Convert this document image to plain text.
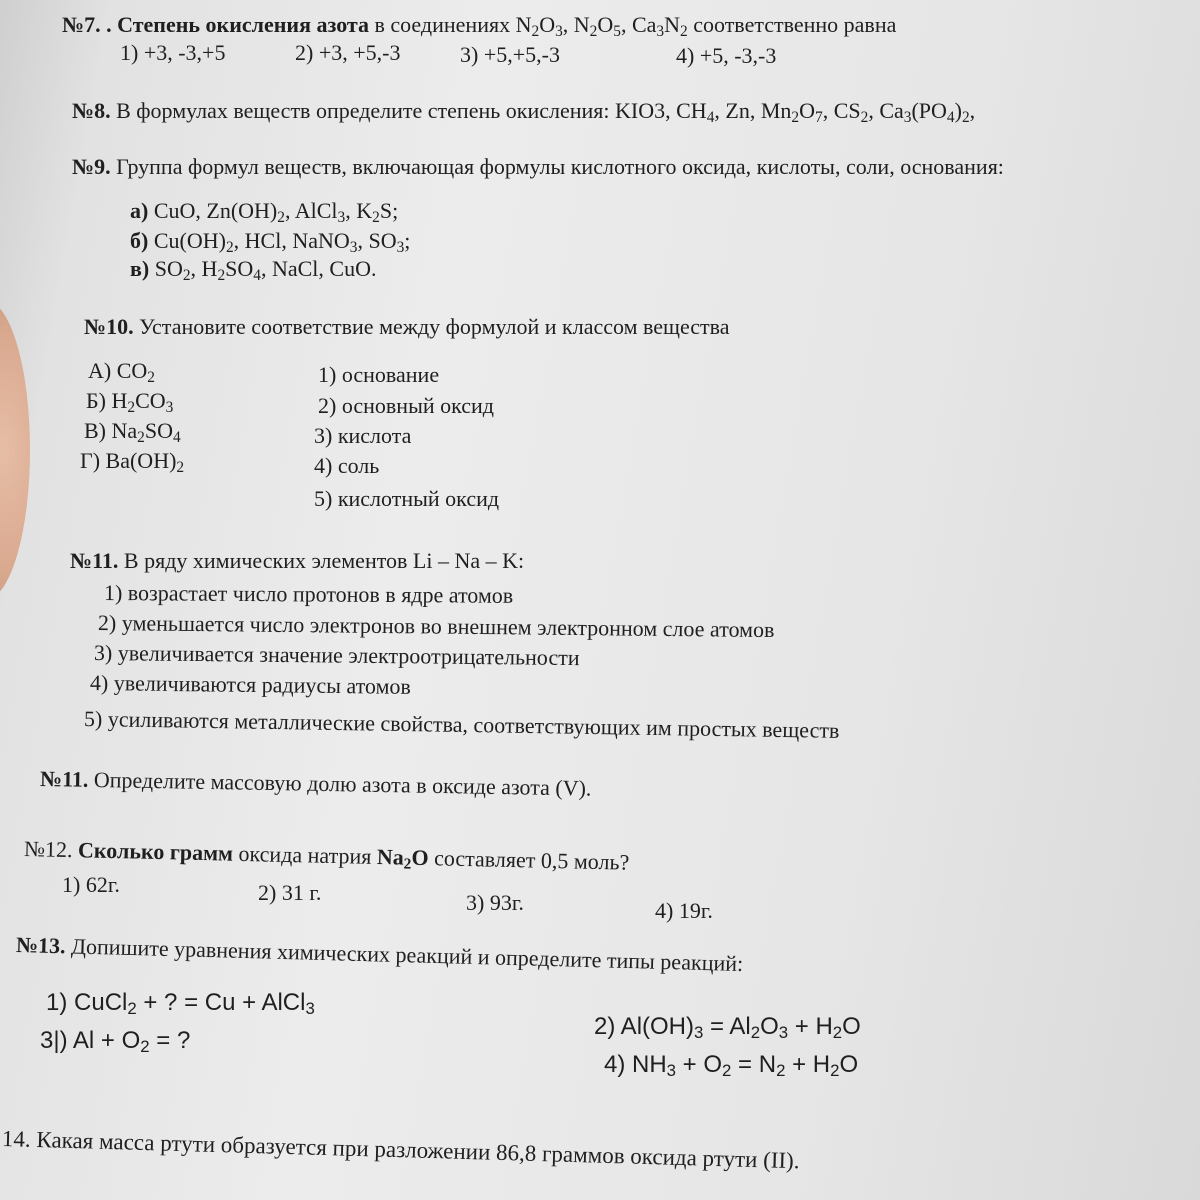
№7. . Степень окисления азота в соединениях $N_2O_3$, $N_2O_5$, $Ca_3N_2$ соответственно равна
1) +3, -3,+5	2) +3, +5,-3	3) +5,+5,-3	4) +5, -3,-3
№8. В формулах веществ определите степень окисления: KIO3, $CH_4$, Zn, $Mn_2O_7$, $CS_2$, $Ca_3(PO_4)_2$,
№9. Группа формул веществ, включающая формулы кислотного оксида, кислоты, соли, основания:
а) CuO, $Zn(OH)_2$, AlCl$_3$, $K_2S$;
б) $Cu(OH)_2$, HCl, NaNO$_3$, $SO_3$;
в) $SO_2$, $H_2SO_4$, NaCl, CuO.
№10. Установите соответствие между формулой и классом вещества
А) $CO_2$
Б) $H_2CO_3$
В) $Na_2SO_4$
Г) $Ba(OH)_2$
1) основание
2) основный оксид
3) кислота
4) соль
5) кислотный оксид
№11. В ряду химических элементов Li – Na – K:
1) возрастает число протонов в ядре атомов
2) уменьшается число электронов во внешнем электронном слое атомов
3) увеличивается значение электроотрицательности
4) увеличиваются радиусы атомов
5) усиливаются металлические свойства, соответствующих им простых веществ
№11. Определите массовую долю азота в оксиде азота (V).
№12. Сколько грамм оксида натрия $Na_2O$ составляет 0,5 моль?
1) 62г.	2) 31 г.	3) 93г.	4) 19г.
№13. Допишите уравнения химических реакций и определите типы реакций:
1) CuCl$_2$ + ? = Cu + AlCl$_3$
3|) $Al + O_2$ = ?
2) $Al(OH)_3 = Al_2O_3 + H_2O$
4) $NH_3 + O_2 = N_2 + H_2O$
14. Какая масса ртути образуется при разложении 86,8 граммов оксида ртути (II).
